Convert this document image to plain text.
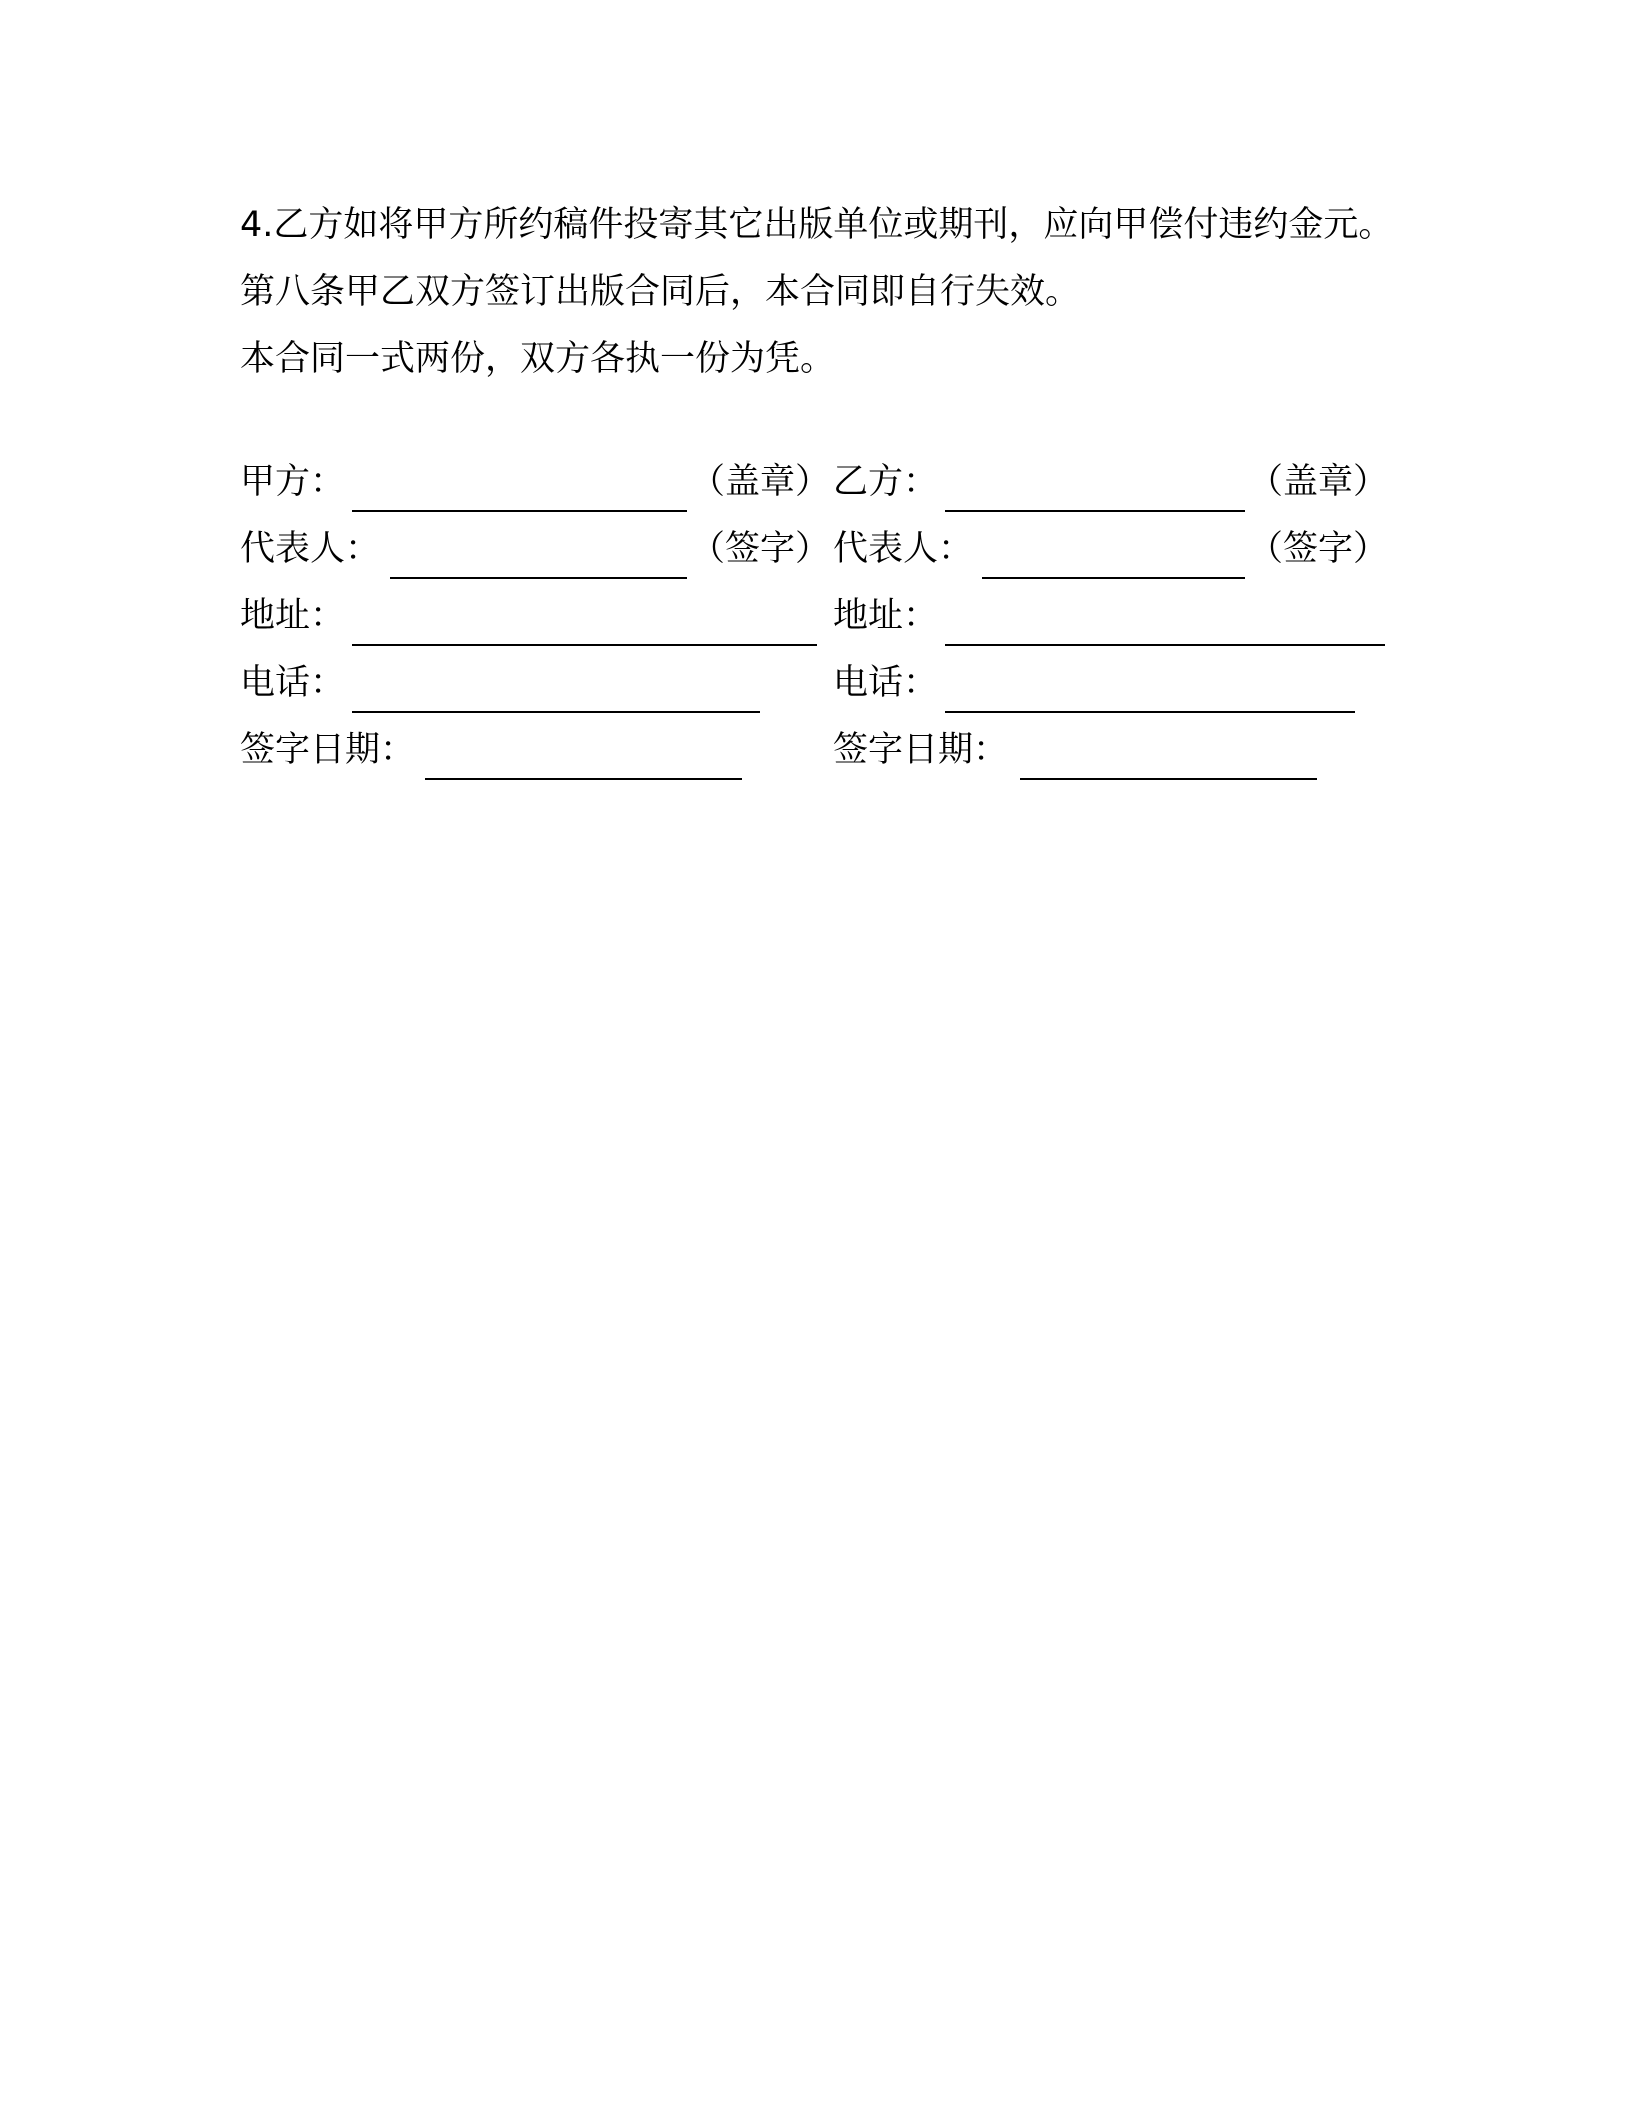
4.乙方如将甲方所约稿件投寄其它出版单位或期刊，应向甲偿付违约金元。

第八条甲乙双方签订出版合同后，本合同即自行失效。

本合同一式两份，双方各执一份为凭。

甲方：	（盖章） 乙方：	（盖章）
代表人：	（签字） 代表人：	（签字）
地址：	地址：
电话：	电话：
签字日期：	签字日期：
